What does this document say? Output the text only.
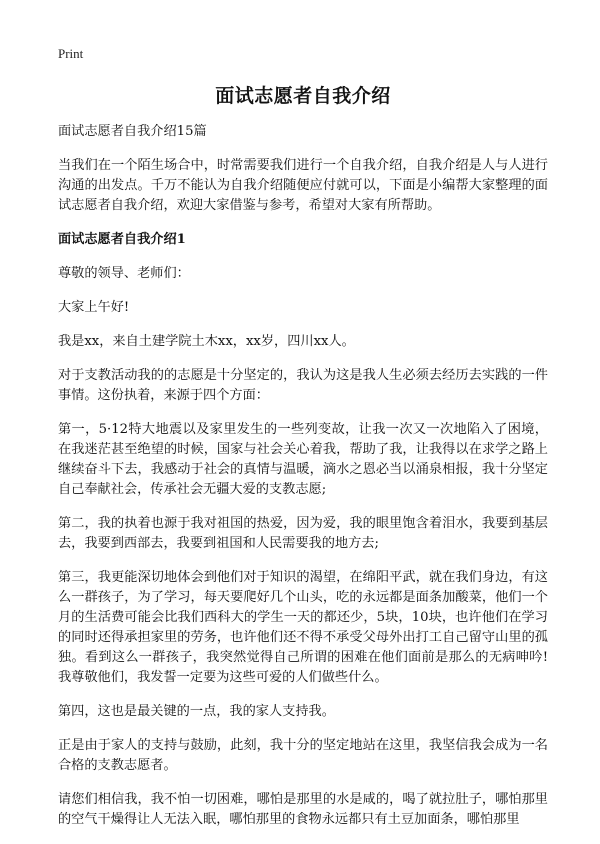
Print
面试志愿者自我介绍

面试志愿者自我介绍15篇

当我们在一个陌生场合中，时常需要我们进行一个自我介绍，自我介绍是人与人进行沟通的出发点。千万不能认为自我介绍随便应付就可以，下面是小编帮大家整理的面试志愿者自我介绍，欢迎大家借鉴与参考，希望对大家有所帮助。

面试志愿者自我介绍1

尊敬的领导、老师们：

大家上午好!

我是xx，来自土建学院土木xx，xx岁，四川xx人。

对于支教活动我的的志愿是十分坚定的，我认为这是我人生必须去经历去实践的一件事情。这份执着，来源于四个方面：

第一，5·12特大地震以及家里发生的一些列变故，让我一次又一次地陷入了困境，在我迷茫甚至绝望的时候，国家与社会关心着我，帮助了我，让我得以在求学之路上继续奋斗下去，我感动于社会的真情与温暖，滴水之恩必当以涌泉相报，我十分坚定自己奉献社会，传承社会无疆大爱的支教志愿;

第二，我的执着也源于我对祖国的热爱，因为爱，我的眼里饱含着泪水，我要到基层去，我要到西部去，我要到祖国和人民需要我的地方去;

第三，我更能深切地体会到他们对于知识的渴望，在绵阳平武，就在我们身边，有这么一群孩子，为了学习，每天要爬好几个山头，吃的永远都是面条加酸菜，他们一个月的生活费可能会比我们西科大的学生一天的都还少，5块，10块，也许他们在学习的同时还得承担家里的劳务，也许他们还不得不承受父母外出打工自己留守山里的孤独。看到这么一群孩子，我突然觉得自己所谓的困难在他们面前是那么的无病呻吟!我尊敬他们，我发誓一定要为这些可爱的人们做些什么。

第四，这也是最关键的一点，我的家人支持我。

正是由于家人的支持与鼓励，此刻，我十分的坚定地站在这里，我坚信我会成为一名合格的支教志愿者。

请您们相信我，我不怕一切困难，哪怕是那里的水是咸的，喝了就拉肚子，哪怕那里的空气干燥得让人无法入眠，哪怕那里的食物永远都只有土豆加面条，哪怕那里
